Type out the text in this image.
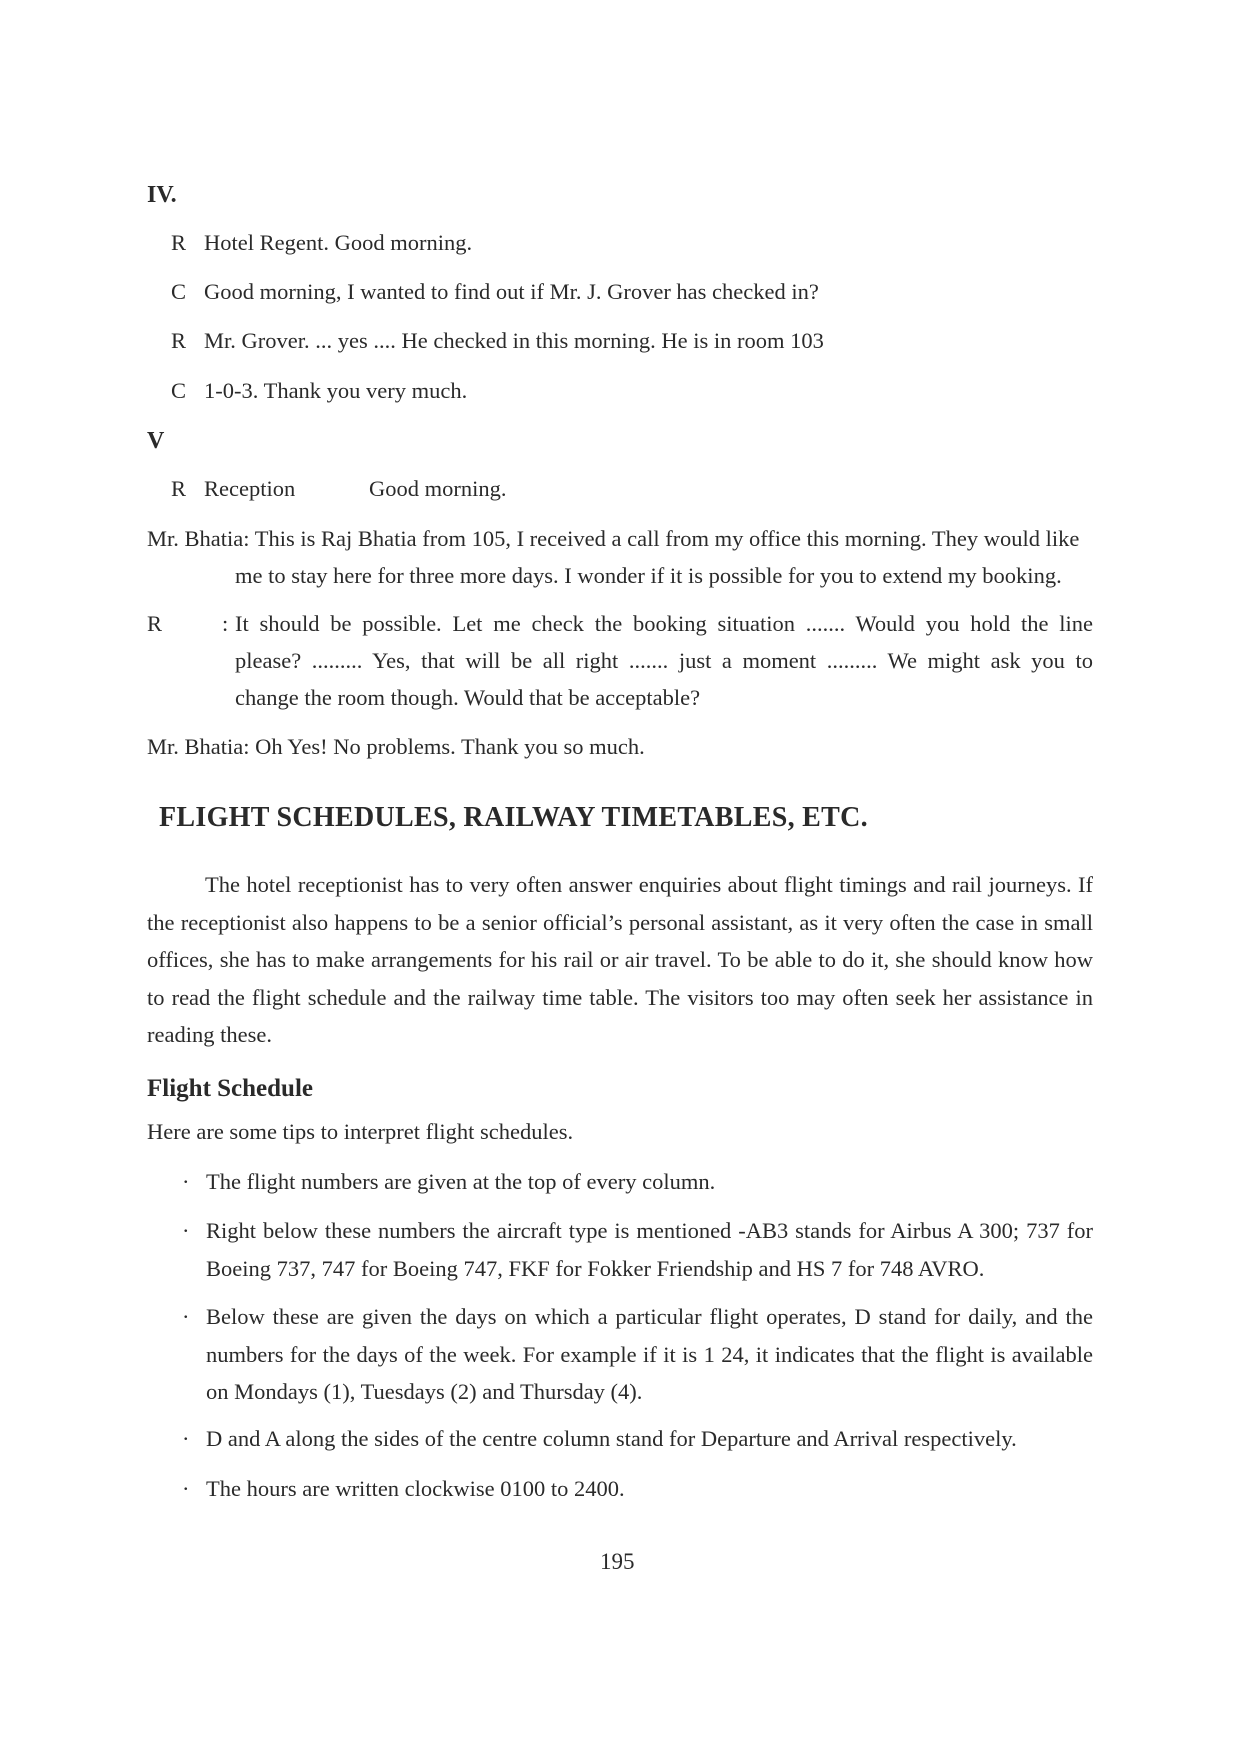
IV.
R Hotel Regent. Good morning.
C Good morning, I wanted to find out if Mr. J. Grover has checked in?
R Mr. Grover. ... yes .... He checked in this morning. He is in room 103
C 1-0-3. Thank you very much.
V
R Reception	Good morning.
Mr. Bhatia: This is Raj Bhatia from 105, I received a call from my office this morning. They would like
me to stay here for three more days. I wonder if it is possible for you to extend my booking.
R	: It should be possible. Let me check the booking situation ....... Would you hold the line
please? ......... Yes, that will be all right ....... just a moment ......... We might ask you to
change the room though. Would that be acceptable?
Mr. Bhatia: Oh Yes! No problems. Thank you so much.
FLIGHT SCHEDULES, RAILWAY TIMETABLES, ETC.
The hotel receptionist has to very often answer enquiries about flight timings and rail journeys. If the receptionist also happens to be a senior official’s personal assistant, as it very often the case in small offices, she has to make arrangements for his rail or air travel. To be able to do it, she should know how to read the flight schedule and the railway time table. The visitors too may often seek her assistance in reading these.
Flight Schedule
Here are some tips to interpret flight schedules.
· The flight numbers are given at the top of every column.
· Right below these numbers the aircraft type is mentioned -AB3 stands for Airbus A 300; 737 for Boeing 737, 747 for Boeing 747, FKF for Fokker Friendship and HS 7 for 748 AVRO.
· Below these are given the days on which a particular flight operates, D stand for daily, and the numbers for the days of the week. For example if it is 1 24, it indicates that the flight is available on Mondays (1), Tuesdays (2) and Thursday (4).
· D and A along the sides of the centre column stand for Departure and Arrival respectively.
· The hours are written clockwise 0100 to 2400.
195
